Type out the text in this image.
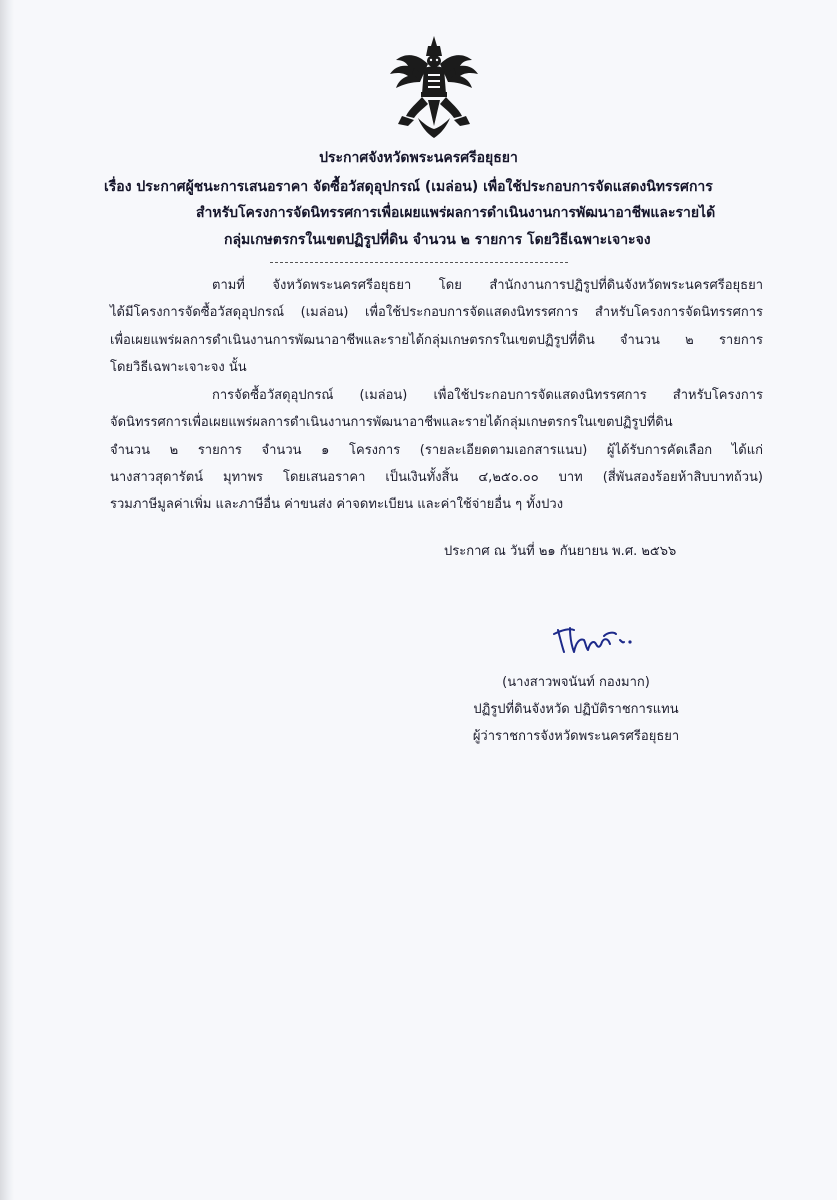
ประกาศจังหวัดพระนครศรีอยุธยา
เรื่อง ประกาศผู้ชนะการเสนอราคา จัดซื้อวัสดุอุปกรณ์ (เมล่อน) เพื่อใช้ประกอบการจัดแสดงนิทรรศการ
สำหรับโครงการจัดนิทรรศการเพื่อเผยแพร่ผลการดำเนินงานการพัฒนาอาชีพและรายได้
กลุ่มเกษตรกรในเขตปฏิรูปที่ดิน จำนวน ๒ รายการ โดยวิธีเฉพาะเจาะจง
ตามที่ จังหวัดพระนครศรีอยุธยา โดย สำนักงานการปฏิรูปที่ดินจังหวัดพระนครศรีอยุธยา
ได้มีโครงการจัดซื้อวัสดุอุปกรณ์ (เมล่อน) เพื่อใช้ประกอบการจัดแสดงนิทรรศการ สำหรับโครงการจัดนิทรรศการ
เพื่อเผยแพร่ผลการดำเนินงานการพัฒนาอาชีพและรายได้กลุ่มเกษตรกรในเขตปฏิรูปที่ดิน จำนวน ๒ รายการ
โดยวิธีเฉพาะเจาะจง นั้น
การจัดซื้อวัสดุอุปกรณ์ (เมล่อน) เพื่อใช้ประกอบการจัดแสดงนิทรรศการ สำหรับโครงการ
จัดนิทรรศการเพื่อเผยแพร่ผลการดำเนินงานการพัฒนาอาชีพและรายได้กลุ่มเกษตรกรในเขตปฏิรูปที่ดิน
จำนวน ๒ รายการ จำนวน ๑ โครงการ (รายละเอียดตามเอกสารแนบ) ผู้ได้รับการคัดเลือก ได้แก่
นางสาวสุดารัตน์ มุทาพร โดยเสนอราคา เป็นเงินทั้งสิ้น ๔,๒๕๐.๐๐ บาท (สี่พันสองร้อยห้าสิบบาทถ้วน)
รวมภาษีมูลค่าเพิ่ม และภาษีอื่น ค่าขนส่ง ค่าจดทะเบียน และค่าใช้จ่ายอื่น ๆ ทั้งปวง
ประกาศ ณ วันที่ ๒๑ กันยายน พ.ศ. ๒๕๖๖
(นางสาวพจนันท์ กองมาก)
ปฏิรูปที่ดินจังหวัด ปฏิบัติราชการแทน
ผู้ว่าราชการจังหวัดพระนครศรีอยุธยา
